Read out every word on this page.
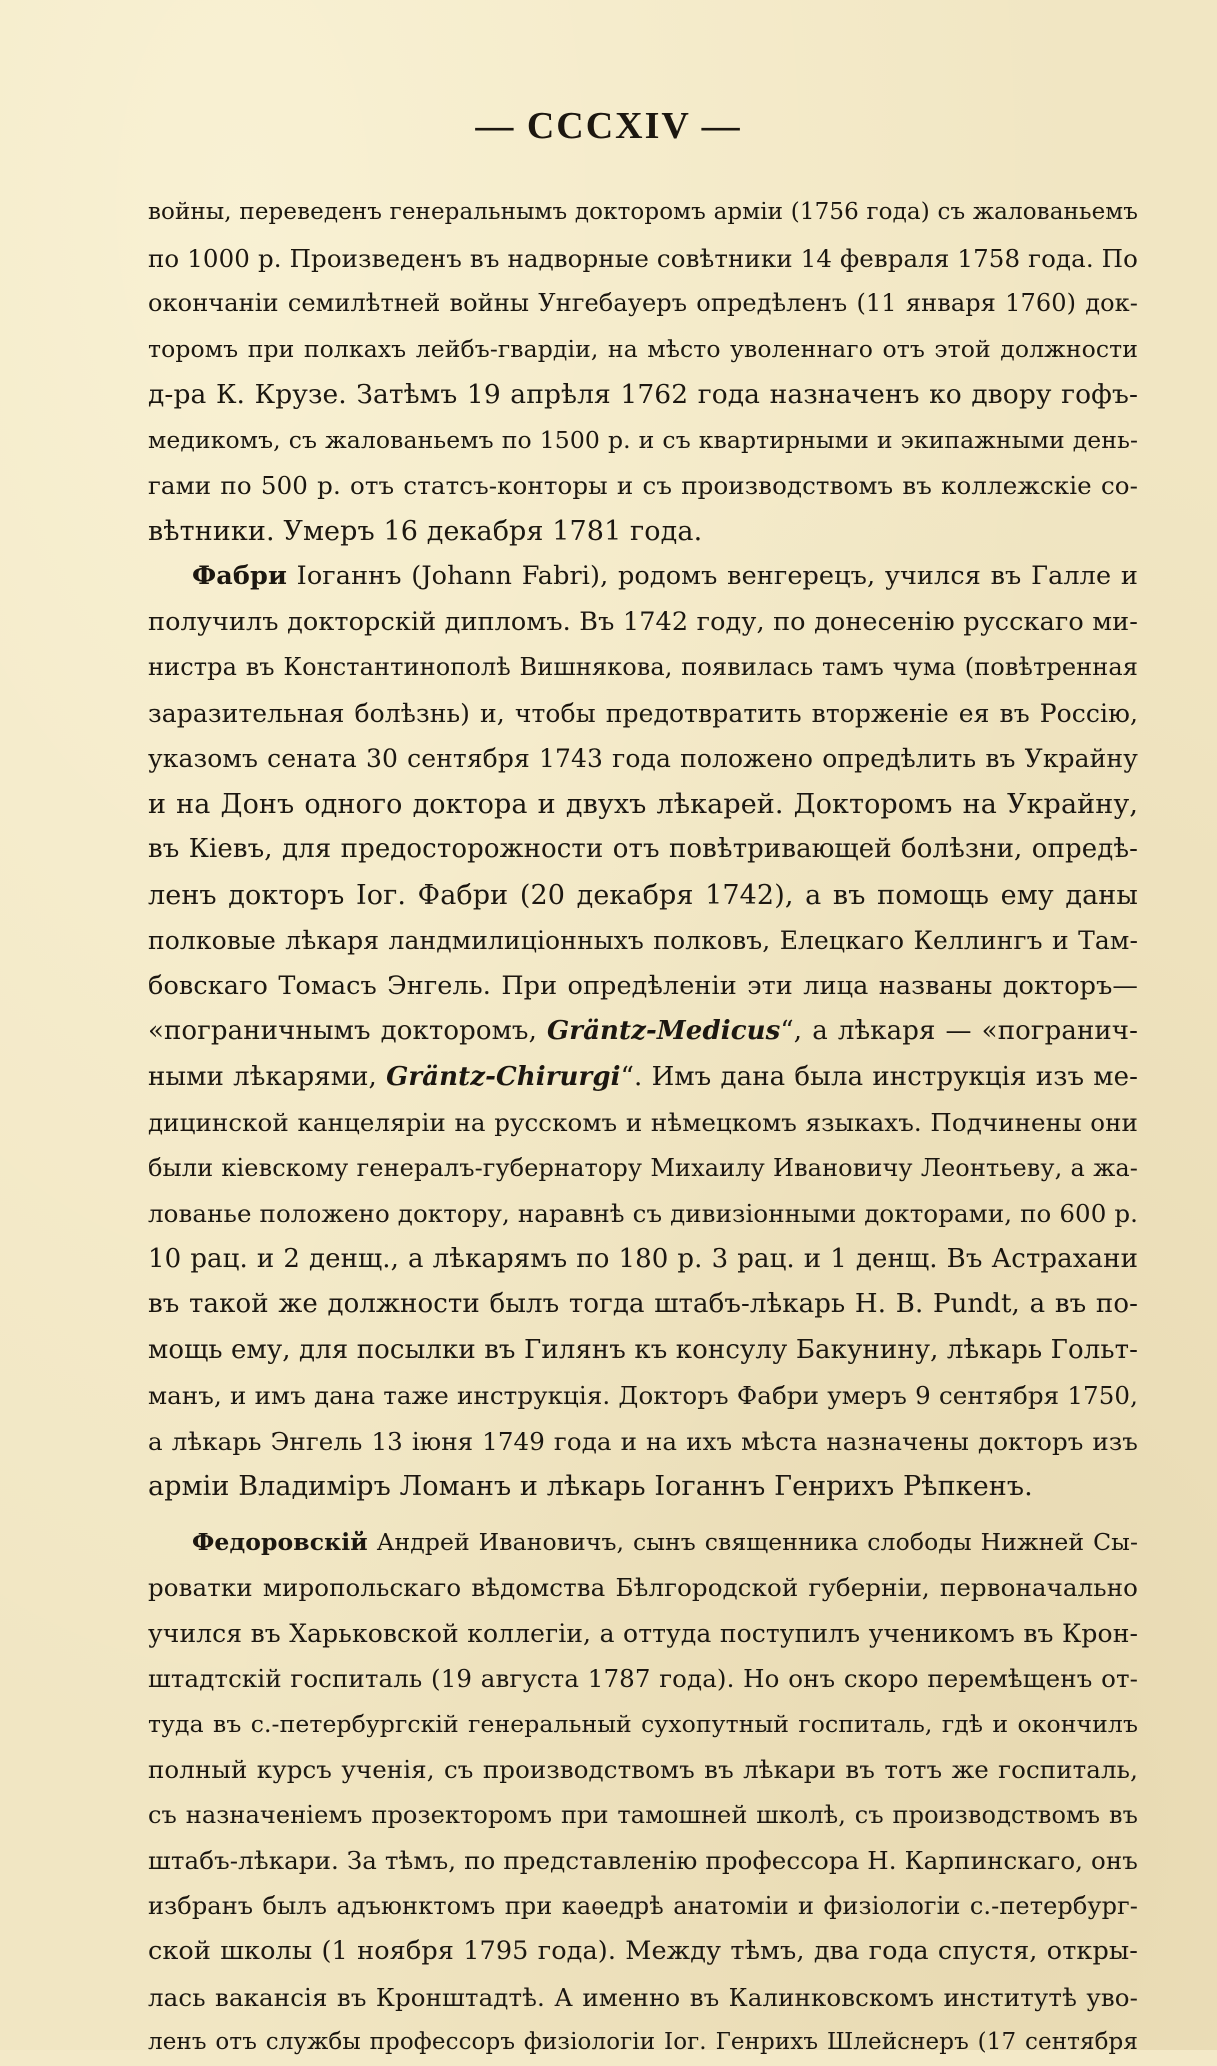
— CCCXIV —
войны, переведенъ генеральнымъ докторомъ арміи (1756 года) съ жалованьемъ
по 1000 р. Произведенъ въ надворные совѣтники 14 февраля 1758 года. По
окончаніи семилѣтней войны Унгебауеръ опредѣленъ (11 января 1760) док-
торомъ при полкахъ лейбъ-гвардіи, на мѣсто уволеннаго отъ этой должности
д-ра К. Крузе. Затѣмъ 19 апрѣля 1762 года назначенъ ко двору гофъ-
медикомъ, съ жалованьемъ по 1500 р. и съ квартирными и экипажными день-
гами по 500 р. отъ статсъ-конторы и съ производствомъ въ коллежскіе со-
вѣтники. Умеръ 16 декабря 1781 года.
Фабри Іоганнъ (Johann Fabri), родомъ венгерецъ, учился въ Галле и
получилъ докторскій дипломъ. Въ 1742 году, по донесенію русскаго ми-
нистра въ Константинополѣ Вишнякова, появилась тамъ чума (повѣтренная
заразительная болѣзнь) и, чтобы предотвратить вторженіе ея въ Россію,
указомъ сената 30 сентября 1743 года положено опредѣлить въ Украйну
и на Донъ одного доктора и двухъ лѣкарей. Докторомъ на Украйну,
въ Кіевъ, для предосторожности отъ повѣтривающей болѣзни, опредѣ-
ленъ докторъ Іог. Фабри (20 декабря 1742), а въ помощь ему даны
полковые лѣкаря ландмилиціонныхъ полковъ, Елецкаго Келлингъ и Там-
бовскаго Томасъ Энгель. При опредѣленіи эти лица названы докторъ—
«пограничнымъ докторомъ, Gräntz-Medicus“, а лѣкаря — «погранич-
ными лѣкарями, Gräntz-Chirurgi“. Имъ дана была инструкція изъ ме-
дицинской канцеляріи на русскомъ и нѣмецкомъ языкахъ. Подчинены они
были кіевскому генералъ-губернатору Михаилу Ивановичу Леонтьеву, а жа-
лованье положено доктору, наравнѣ съ дивизіонными докторами, по 600 р.
10 рац. и 2 денщ., а лѣкарямъ по 180 р. 3 рац. и 1 денщ. Въ Астрахани
въ такой же должности былъ тогда штабъ-лѣкарь Н. В. Pundt, а въ по-
мощь ему, для посылки въ Гилянъ къ консулу Бакунину, лѣкарь Гольт-
манъ, и имъ дана таже инструкція. Докторъ Фабри умеръ 9 сентября 1750,
а лѣкарь Энгель 13 іюня 1749 года и на ихъ мѣста назначены докторъ изъ
арміи Владиміръ Ломанъ и лѣкарь Іоганнъ Генрихъ Рѣпкенъ.
Федоровскій Андрей Ивановичъ, сынъ священника слободы Нижней Сы-
роватки миропольскаго вѣдомства Бѣлгородской губерніи, первоначально
учился въ Харьковской коллегіи, а оттуда поступилъ ученикомъ въ Крон-
штадтскій госпиталь (19 августа 1787 года). Но онъ скоро перемѣщенъ от-
туда въ с.-петербургскій генеральный сухопутный госпиталь, гдѣ и окончилъ
полный курсъ ученія, съ производствомъ въ лѣкари въ тотъ же госпиталь,
съ назначеніемъ прозекторомъ при тамошней школѣ, съ производствомъ въ
штабъ-лѣкари. За тѣмъ, по представленію профессора Н. Карпинскаго, онъ
избранъ былъ адъюнктомъ при каѳедрѣ анатоміи и физіологіи с.-петербург-
ской школы (1 ноября 1795 года). Между тѣмъ, два года спустя, откры-
лась вакансія въ Кронштадтѣ. А именно въ Калинковскомъ институтѣ уво-
ленъ отъ службы профессоръ физіологіи Іог. Генрихъ Шлейснеръ (17 сентября
